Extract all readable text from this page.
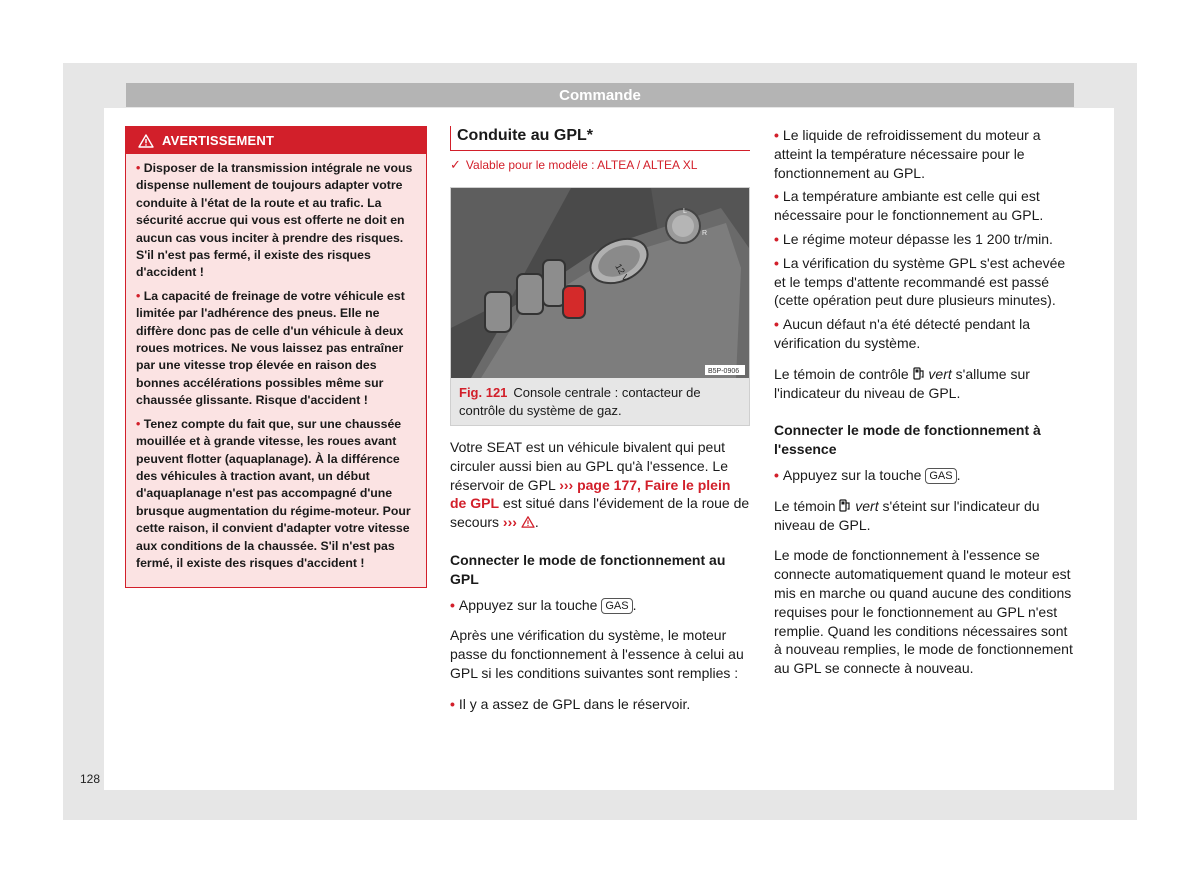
Commande
AVERTISSEMENT

• Disposer de la transmission intégrale ne vous dispense nullement de toujours adapter votre conduite à l'état de la route et au trafic. La sécurité accrue qui vous est offerte ne doit en aucun cas vous inciter à prendre des risques. S'il n'est pas fermé, il existe des risques d'accident !

• La capacité de freinage de votre véhicule est limitée par l'adhérence des pneus. Elle ne diffère donc pas de celle d'un véhicule à deux roues motrices. Ne vous laissez pas entraîner par une vitesse trop élevée en raison des bonnes accélérations possibles même sur chaussée glissante. Risque d'accident !

• Tenez compte du fait que, sur une chaussée mouillée et à grande vitesse, les roues avant peuvent flotter (aquaplanage). À la différence des véhicules à traction avant, un début d'aquaplanage n'est pas accompagné d'une brusque augmentation du régime-moteur. Pour cette raison, il convient d'adapter votre vitesse aux conditions de la chaussée. S'il n'est pas fermé, il existe des risques d'accident !

Conduite au GPL*
✓ Valable pour le modèle : ALTEA / ALTEA XL
12 V
L
R
B5P-0906
Fig. 121 Console centrale : contacteur de contrôle du système de gaz.

Votre SEAT est un véhicule bivalent qui peut circuler aussi bien au GPL qu'à l'essence. Le réservoir de GPL ››› page 177, Faire le plein de GPL est situé dans l'évidement de la roue de secours ››› .

Connecter le mode de fonctionnement au GPL

• Appuyez sur la touche GAS .

Après une vérification du système, le moteur passe du fonctionnement à l'essence à celui au GPL si les conditions suivantes sont remplies :

• Il y a assez de GPL dans le réservoir.

• Le liquide de refroidissement du moteur a atteint la température nécessaire pour le fonctionnement au GPL.

• La température ambiante est celle qui est nécessaire pour le fonctionnement au GPL.

• Le régime moteur dépasse les 1 200 tr/min.

• La vérification du système GPL s'est achevée et le temps d'attente recommandé est passé (cette opération peut dure plusieurs minutes).

• Aucun défaut n'a été détecté pendant la vérification du système.

Le témoin de contrôle  vert s'allume sur l'indicateur du niveau de GPL.

Connecter le mode de fonctionnement à l'essence

• Appuyez sur la touche GAS .

Le témoin  vert s'éteint sur l'indicateur du niveau de GPL.

Le mode de fonctionnement à l'essence se connecte automatiquement quand le moteur est mis en marche ou quand aucune des conditions requises pour le fonctionnement au GPL n'est remplie. Quand les conditions nécessaires sont à nouveau remplies, le mode de fonctionnement au GPL se connecte à nouveau.

128
